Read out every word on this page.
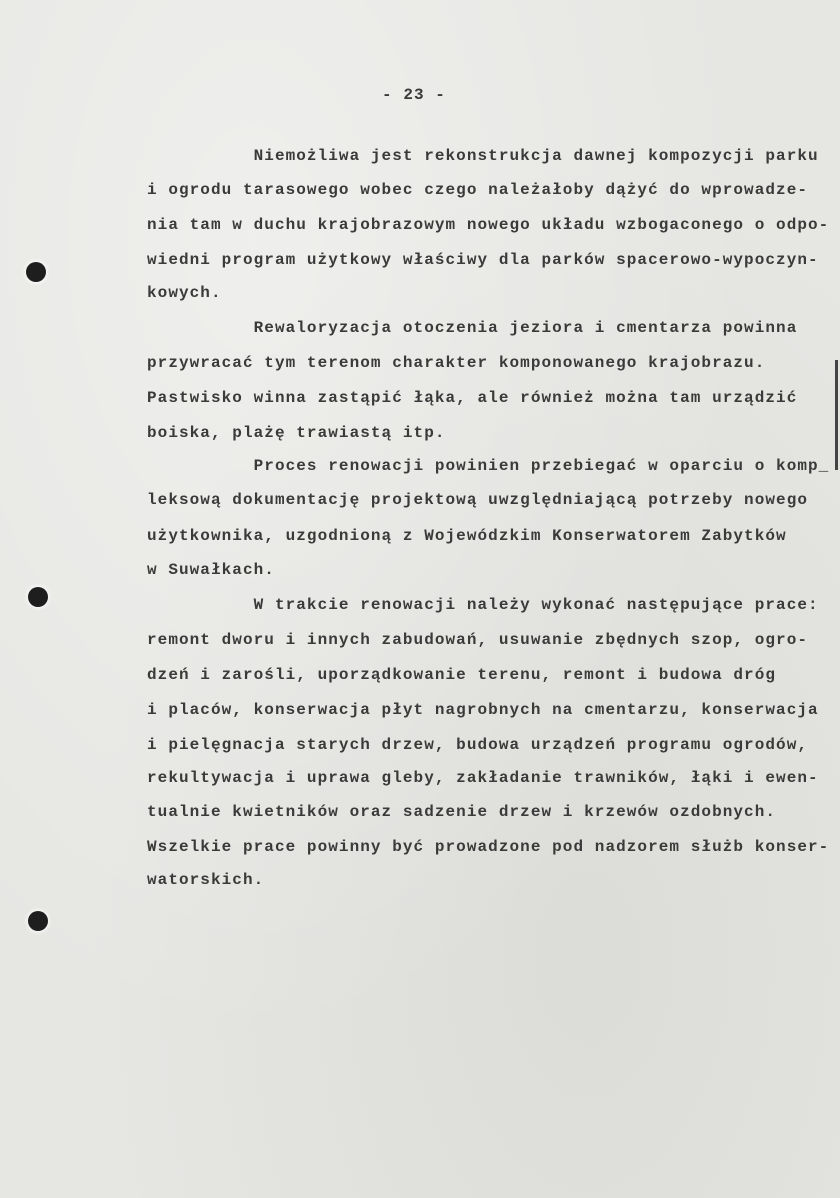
- 23 -
Niemożliwa jest rekonstrukcja dawnej kompozycji parku
i ogrodu tarasowego wobec czego należałoby dążyć do wprowadze-
nia tam w duchu krajobrazowym nowego układu wzbogaconego o odpo-
wiedni program użytkowy właściwy dla parków spacerowo-wypoczyn-
kowych.
Rewaloryzacja otoczenia jeziora i cmentarza powinna
przywracać tym terenom charakter komponowanego krajobrazu.
Pastwisko winna zastąpić łąka, ale również można tam urządzić
boiska, plażę trawiastą itp.
Proces renowacji powinien przebiegać w oparciu o komp_
leksową dokumentację projektową uwzględniającą potrzeby nowego
użytkownika, uzgodnioną z Wojewódzkim Konserwatorem Zabytków
w Suwałkach.
W trakcie renowacji należy wykonać następujące prace:
remont dworu i innych zabudowań, usuwanie zbędnych szop, ogro-
dzeń i zarośli, uporządkowanie terenu, remont i budowa dróg
i placów, konserwacja płyt nagrobnych na cmentarzu, konserwacja
i pielęgnacja starych drzew, budowa urządzeń programu ogrodów,
rekultywacja i uprawa gleby, zakładanie trawników, łąki i ewen-
tualnie kwietników oraz sadzenie drzew i krzewów ozdobnych.
Wszelkie prace powinny być prowadzone pod nadzorem służb konser-
watorskich.
